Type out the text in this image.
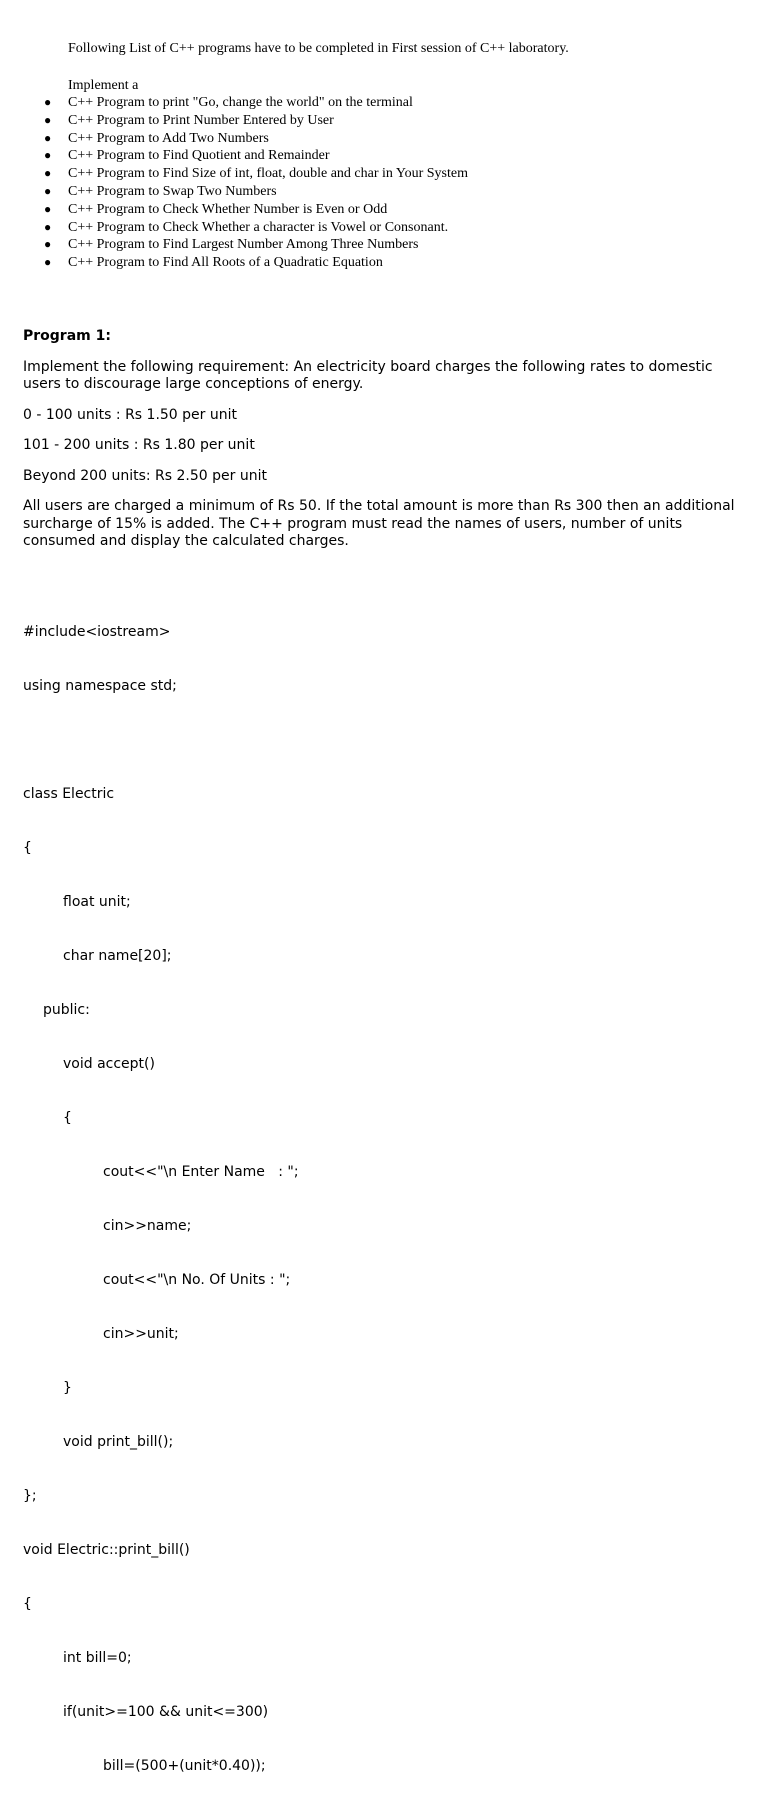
Following List of C++ programs have to be completed in First session of C++ laboratory.
Implement a
● C++ Program to print "Go, change the world" on the terminal
● C++ Program to Print Number Entered by User
● C++ Program to Add Two Numbers
● C++ Program to Find Quotient and Remainder
● C++ Program to Find Size of int, float, double and char in Your System
● C++ Program to Swap Two Numbers
● C++ Program to Check Whether Number is Even or Odd
● C++ Program to Check Whether a character is Vowel or Consonant.
● C++ Program to Find Largest Number Among Three Numbers
● C++ Program to Find All Roots of a Quadratic Equation

Program 1:

Implement the following requirement: An electricity board charges the following rates to domestic users to discourage large conceptions of energy.

0 - 100 units : Rs 1.50 per unit

101 - 200 units : Rs 1.80 per unit

Beyond 200 units: Rs 2.50 per unit

All users are charged a minimum of Rs 50. If the total amount is more than Rs 300 then an additional surcharge of 15% is added. The C++ program must read the names of users, number of units consumed and display the calculated charges.

#include<iostream>

using namespace std;

class Electric

{

float unit;

char name[20];

public:

void accept()

{

cout<<"\n Enter Name   : ";

cin>>name;

cout<<"\n No. Of Units : ";

cin>>unit;

}

void print_bill();

};

void Electric::print_bill()

{

int bill=0;

if(unit>=100 && unit<=300)

bill=(500+(unit*0.40));
